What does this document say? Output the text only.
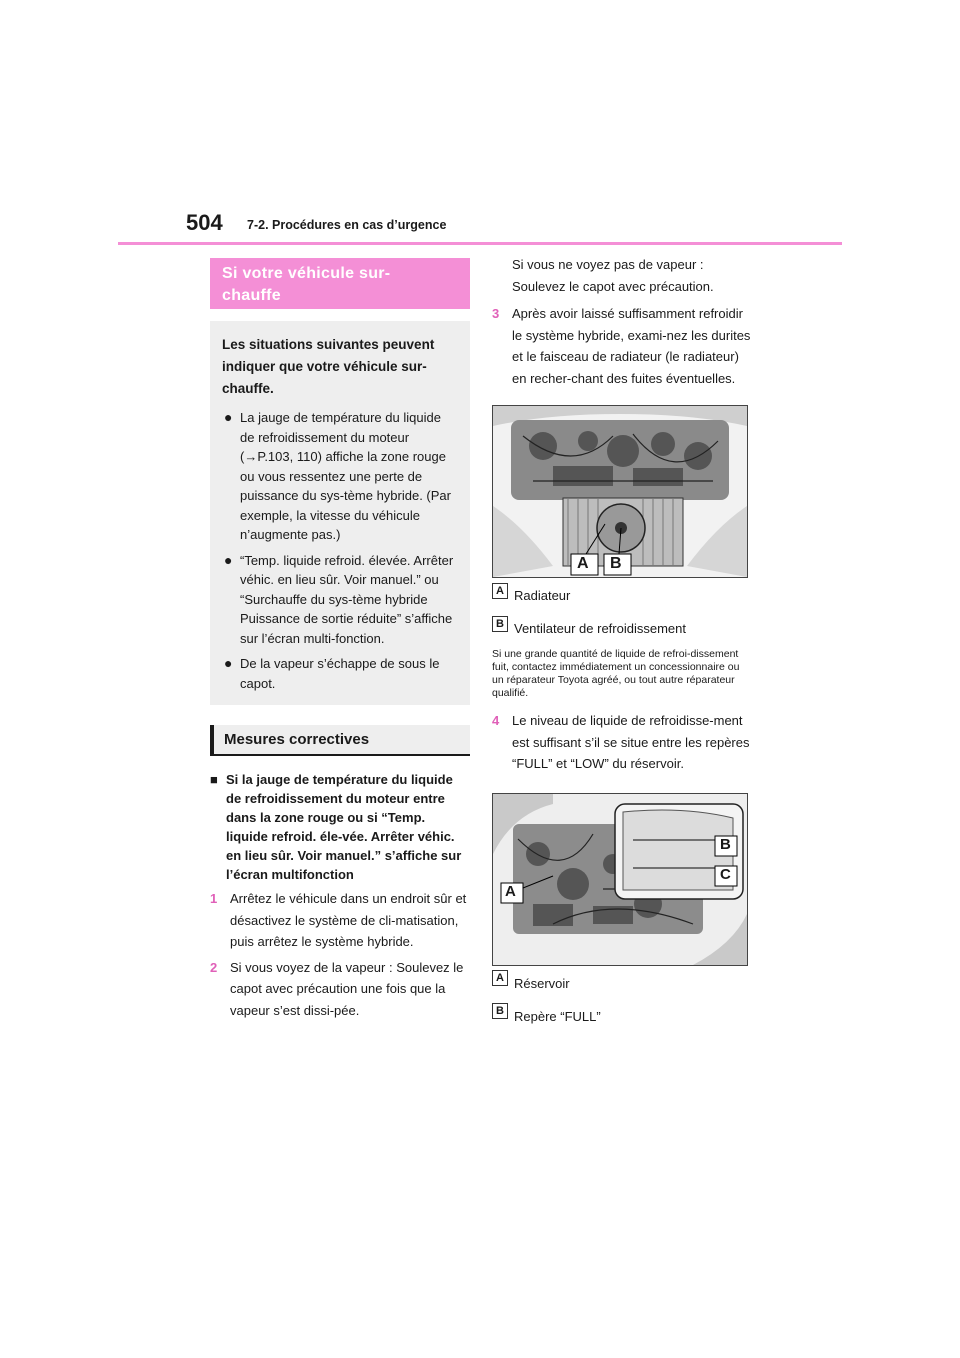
504 7-2. Procédures en cas d’urgence
Si votre véhicule sur-
chauffe
Les situations suivantes peuvent indiquer que votre véhicule sur-chauffe.
● La jauge de température du liquide de refroidissement du moteur (→P.103, 110) affiche la zone rouge ou vous ressentez une perte de puissance du sys-tème hybride. (Par exemple, la vitesse du véhicule n’augmente pas.)
● “Temp. liquide refroid. élevée. Arrêter véhic. en lieu sûr. Voir manuel.” ou “Surchauffe du sys-tème hybride Puissance de sortie réduite” s’affiche sur l’écran multi-fonction.
● De la vapeur s’échappe de sous le capot.
Mesures correctives
■ Si la jauge de température du liquide de refroidissement du moteur entre dans la zone rouge ou si “Temp. liquide refroid. éle-vée. Arrêter véhic. en lieu sûr. Voir manuel.” s’affiche sur l’écran multifonction
1 Arrêtez le véhicule dans un endroit sûr et désactivez le système de cli-matisation, puis arrêtez le système hybride.
2 Si vous voyez de la vapeur : Soulevez le capot avec précaution une fois que la vapeur s’est dissi-pée.
Si vous ne voyez pas de vapeur : Soulevez le capot avec précaution.
3 Après avoir laissé suffisamment refroidir le système hybride, exami-nez les durites et le faisceau de radiateur (le radiateur) en recher-chant des fuites éventuelles.
A B
A Radiateur
B Ventilateur de refroidissement
Si une grande quantité de liquide de refroi-dissement fuit, contactez immédiatement un concessionnaire ou un réparateur Toyota agréé, ou tout autre réparateur qualifié.
4 Le niveau de liquide de refroidisse-ment est suffisant s’il se situe entre les repères “FULL” et “LOW” du réservoir.
A
B
C
A Réservoir
B Repère “FULL”
